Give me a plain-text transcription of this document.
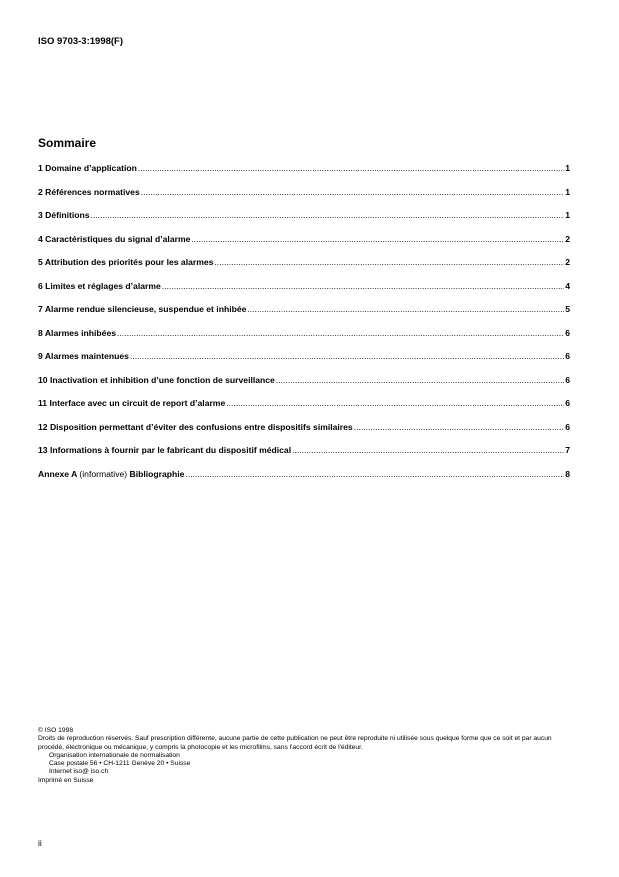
ISO 9703-3:1998(F)
Sommaire
1 Domaine d’application .....	1
2 Références normatives .....	1
3 Définitions .....	1
4 Caractéristiques du signal d’alarme .....	2
5 Attribution des priorités pour les alarmes .....	2
6 Limites et réglages d’alarme .....	4
7 Alarme rendue silencieuse, suspendue et inhibée .....	5
8 Alarmes inhibées .....	6
9 Alarmes maintenues .....	6
10 Inactivation et inhibition d’une fonction de surveillance .....	6
11 Interface avec un circuit de report d’alarme .....	6
12 Disposition permettant d’éviter des confusions entre dispositifs similaires .....	6
13 Informations à fournir par le fabricant du dispositif médical .....	7
Annexe A (informative) Bibliographie .....	8

© ISO 1998

Droits de reproduction réservés. Sauf prescription différente, aucune partie de cette publication ne peut être reproduite ni utilisée sous quelque forme que ce soit et par aucun procédé, électronique ou mécanique, y compris la photocopie et les microfilms, sans l'accord écrit de l'éditeur.

Organisation internationale de normalisation

Case postale 56 • CH-1211 Genève 20 • Suisse

Internet iso@ iso.ch

Imprimé en Suisse

ii
